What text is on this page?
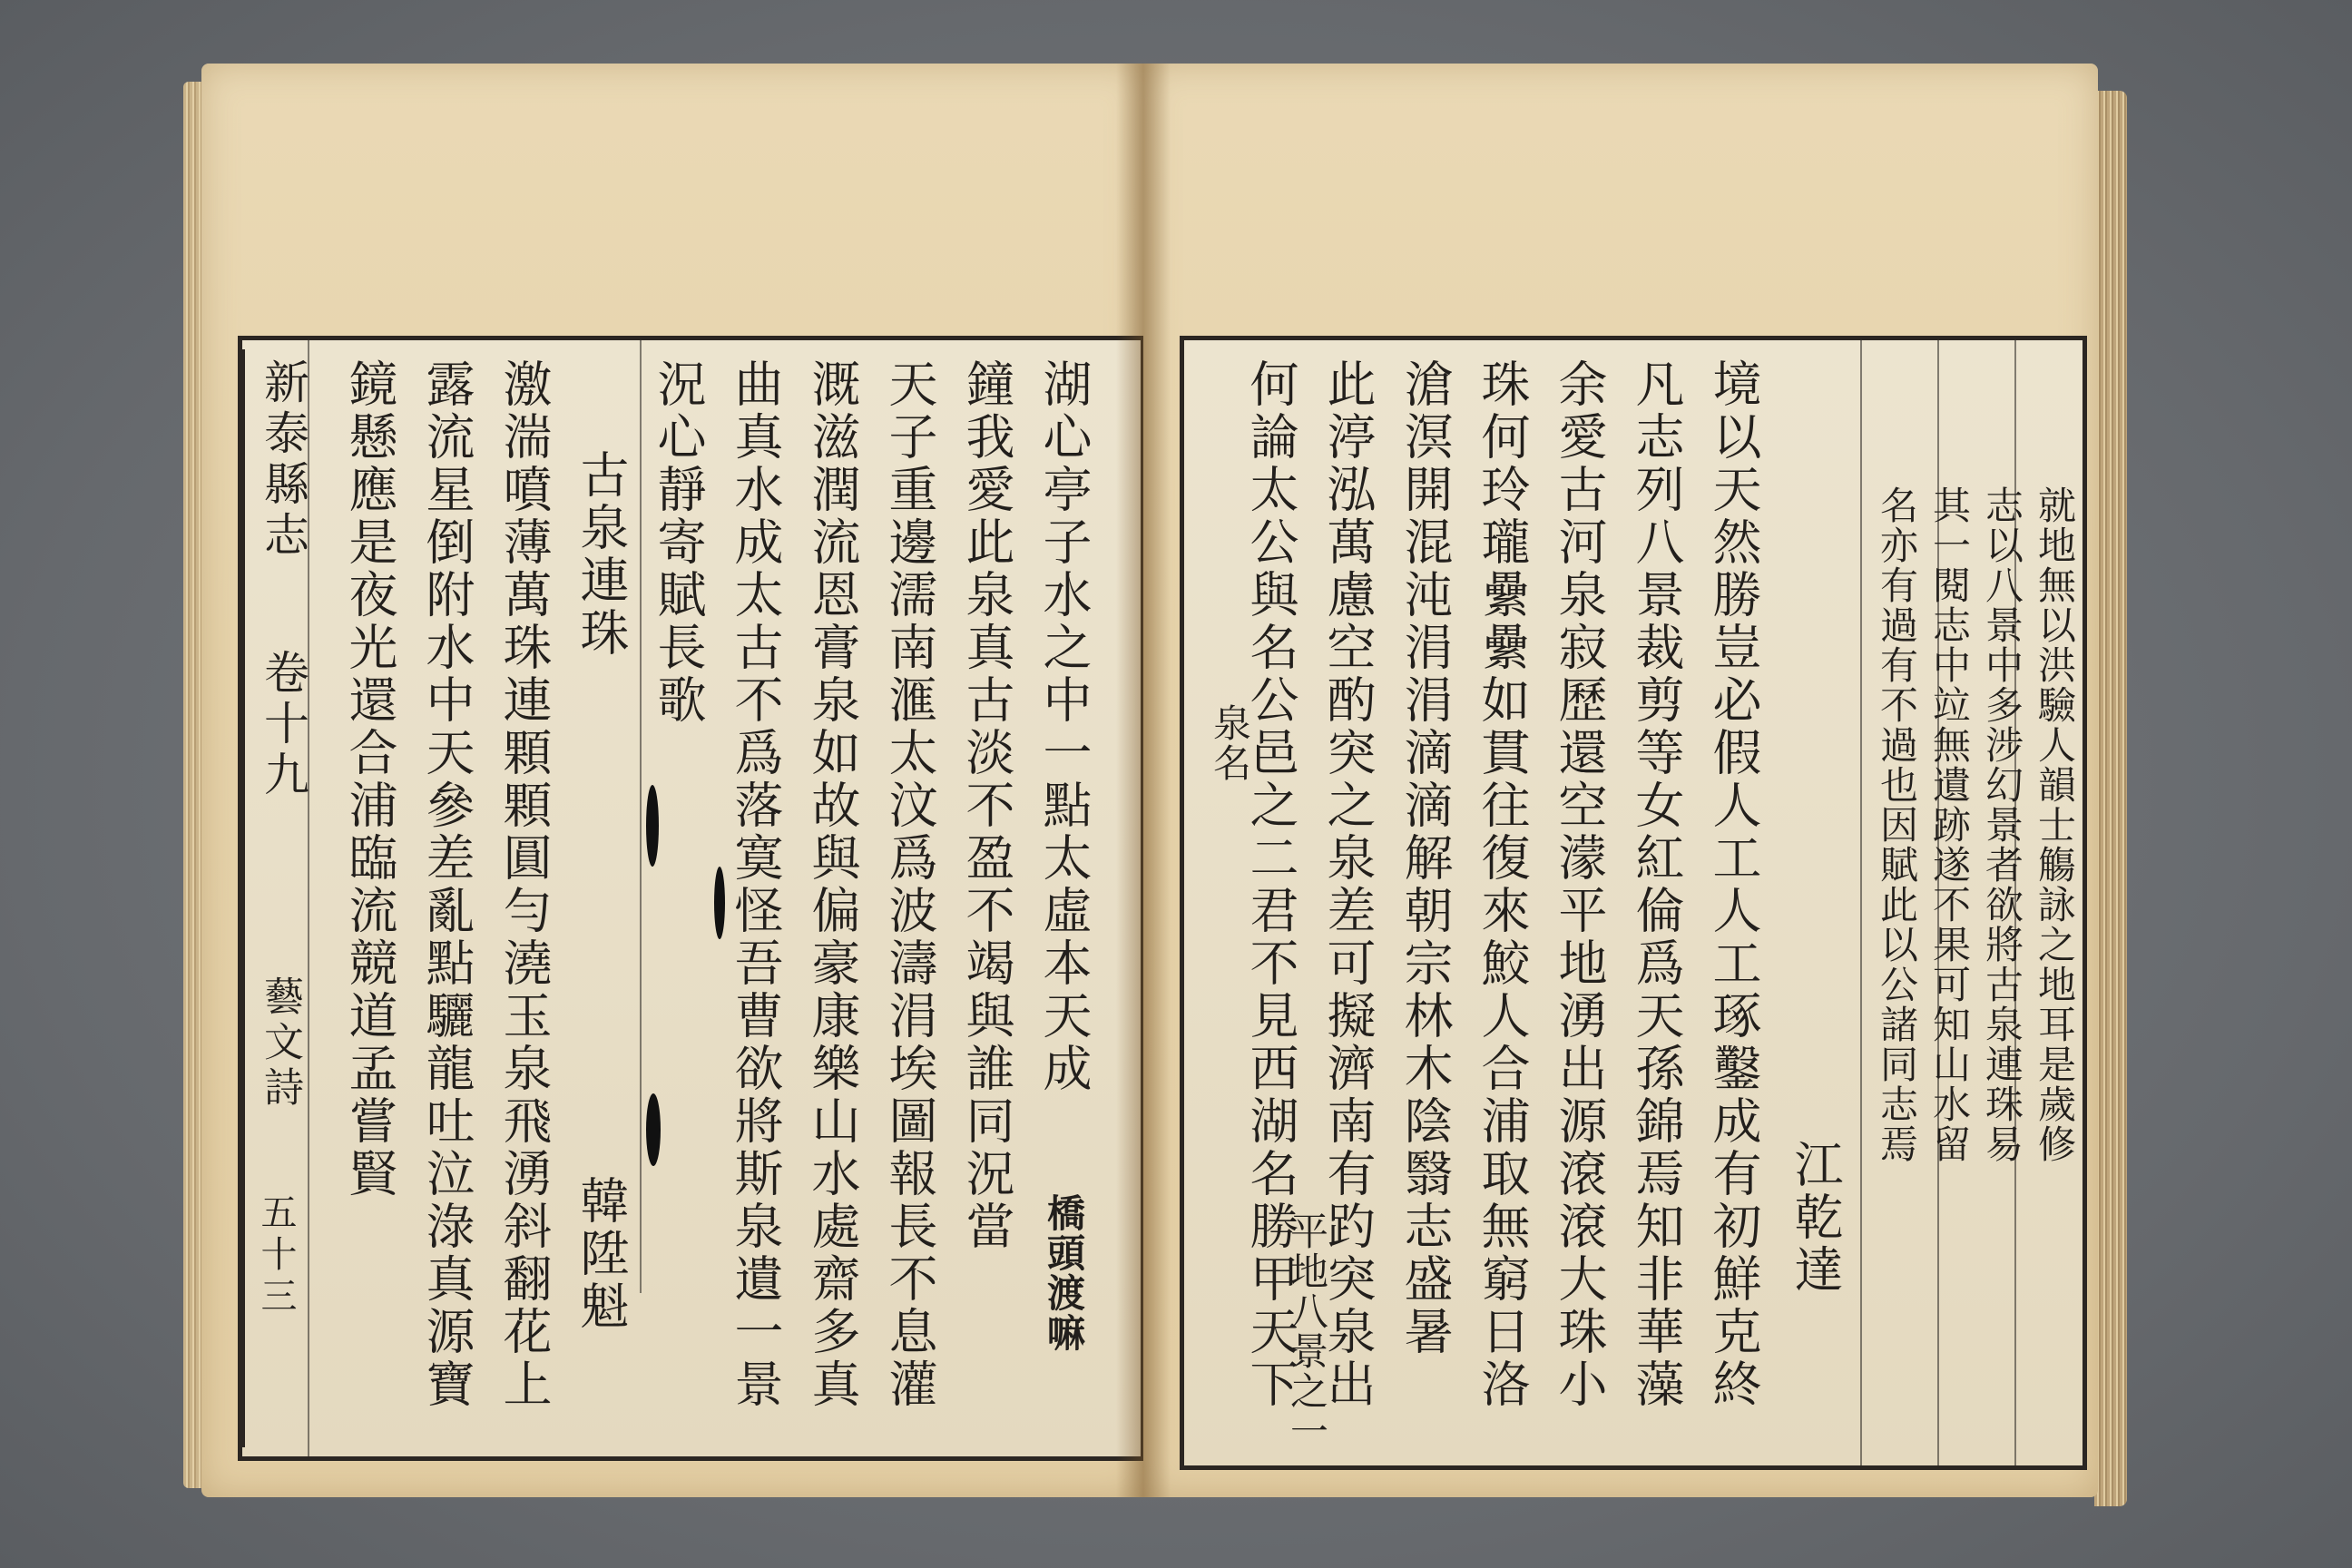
新泰縣志
卷十九
藝文詩
五十三
湖心亭子水之中一點太虛本天成
鐘我愛此泉真古淡不盈不竭與誰同況當
天子重邊濡南滙太汶爲波濤涓埃圖報長不息灌
溉滋潤流恩膏泉如故與偏豪康樂山水處齋多真
曲真水成太古不爲落寞怪吾曹欲將斯泉遺一景
況心靜寄賦長歌
古泉連珠
激湍噴薄萬珠連顆顆圓勻澆玉泉飛湧斜翻花上
露流星倒附水中天參差亂點驪龍吐泣淥真源寶
鏡懸應是夜光還合浦臨流競道孟嘗賢
韓陞魁	橋頭渡嘛	何論太公與名公邑之二君不見西湖名勝甲天下 此渟泓萬慮空酌突之泉差可擬濟南有趵突泉出 滄溟開混沌涓涓滴滴解朝宗林木陰翳志盛暑 珠何玲瓏纍纍如貫往復來鮫人合浦取無窮日洛 余愛古河泉寂歷還空濛平地湧出源滾滾大珠小 凡志列八景裁剪等女紅倫爲天孫錦焉知非華藻 境以天然勝豈必假人工人工琢鑿成有初鮮克終
泉名
平地八景之一	江乾達
名亦有過有不過也因賦此以公諸同志焉 其一閱志中竝無遺跡遂不果可知山水留 志以八景中多涉幻景者欲將古泉連珠易 就地無以洪驗人韻士觴詠之地耳是歲修
